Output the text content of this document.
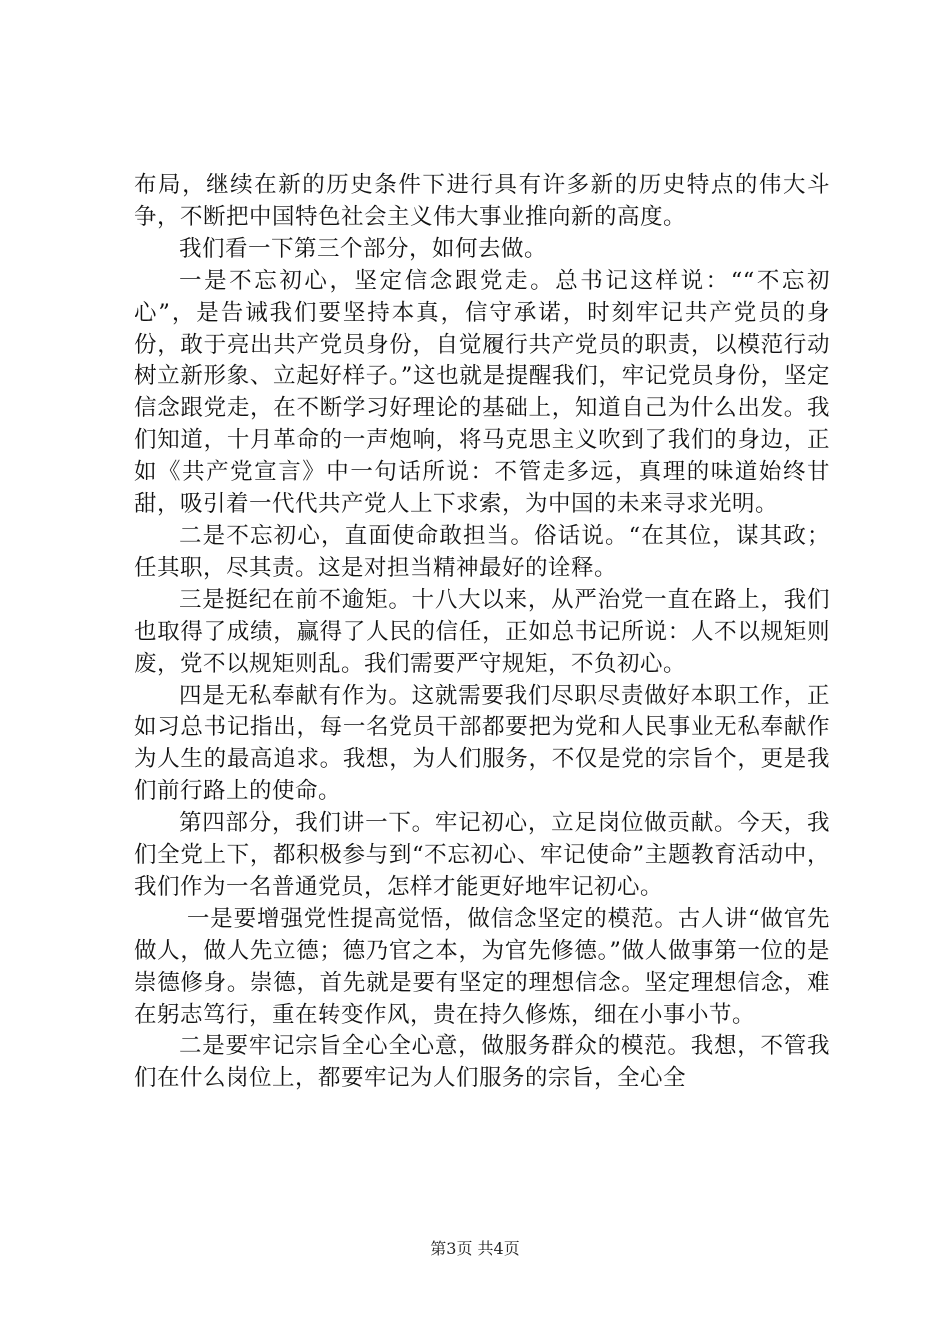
布局，继续在新的历史条件下进行具有许多新的历史特点的伟大斗争，不断把中国特色社会主义伟大事业推向新的高度。

我们看一下第三个部分，如何去做。

一是不忘初心，坚定信念跟党走。总书记这样说：““不忘初心”，是告诫我们要坚持本真，信守承诺，时刻牢记共产党员的身份，敢于亮出共产党员身份，自觉履行共产党员的职责，以模范行动树立新形象、立起好样子。”这也就是提醒我们，牢记党员身份，坚定信念跟党走，在不断学习好理论的基础上，知道自己为什么出发。我们知道，十月革命的一声炮响，将马克思主义吹到了我们的身边，正如《共产党宣言》中一句话所说：不管走多远，真理的味道始终甘甜，吸引着一代代共产党人上下求索，为中国的未来寻求光明。

二是不忘初心，直面使命敢担当。俗话说。“在其位，谋其政；任其职，尽其责。这是对担当精神最好的诠释。

三是挺纪在前不逾矩。十八大以来，从严治党一直在路上，我们也取得了成绩，赢得了人民的信任，正如总书记所说：人不以规矩则废，党不以规矩则乱。我们需要严守规矩，不负初心。

四是无私奉献有作为。这就需要我们尽职尽责做好本职工作，正如习总书记指出，每一名党员干部都要把为党和人民事业无私奉献作为人生的最高追求。我想，为人们服务，不仅是党的宗旨个，更是我们前行路上的使命。

第四部分，我们讲一下。牢记初心，立足岗位做贡献。今天，我们全党上下，都积极参与到“不忘初心、牢记使命”主题教育活动中，我们作为一名普通党员，怎样才能更好地牢记初心。

一是要增强党性提高觉悟，做信念坚定的模范。古人讲“做官先做人，做人先立德；德乃官之本，为官先修德。”做人做事第一位的是崇德修身。崇德，首先就是要有坚定的理想信念。坚定理想信念，难在躬志笃行，重在转变作风，贵在持久修炼，细在小事小节。

二是要牢记宗旨全心全心意，做服务群众的模范。我想，不管我们在什么岗位上，都要牢记为人们服务的宗旨，全心全

第3页 共4页
